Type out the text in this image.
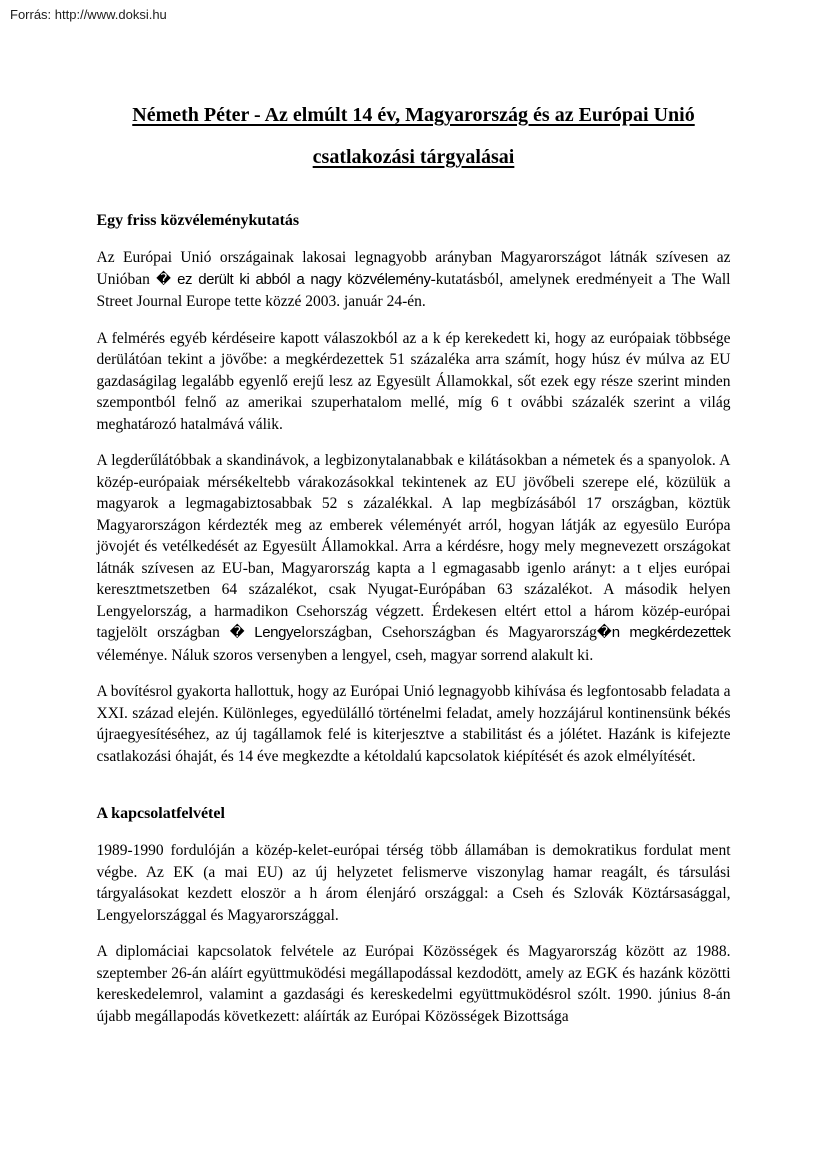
Forrás: http://www.doksi.hu
Németh Péter - Az elmúlt 14 év, Magyarország és az Európai Unió
csatlakozási tárgyalásai
Egy friss közvéleménykutatás

Az Európai Unió országainak lakosai legnagyobb arányban Magyarországot látnák szívesen az Unióban � ez derült ki abból a nagy közvélemény-kutatásból, amelynek eredményeit a The Wall Street Journal Europe tette közzé 2003. január 24-én.

A felmérés egyéb kérdéseire kapott válaszokból az a k ép kerekedett ki, hogy az európaiak többsége derülátóan tekint a jövőbe: a megkérdezettek 51 százaléka arra számít, hogy húsz év múlva az EU gazdaságilag legalább egyenlő erejű lesz az Egyesült Államokkal, sőt ezek egy része szerint minden szempontból felnő az amerikai szuperhatalom mellé, míg 6 t ovábbi százalék szerint a világ meghatározó hatalmává válik.

A legderűlátóbbak a skandinávok, a legbizonytalanabbak e kilátásokban a németek és a spanyolok. A közép-európaiak mérsékeltebb várakozásokkal tekintenek az EU jövőbeli szerepe elé, közülük a magyarok a legmagabiztosabbak 52 s zázalékkal. A lap megbízásából 17 országban, köztük Magyarországon kérdezték meg az emberek véleményét arról, hogyan látják az egyesülo Európa jövojét és vetélkedését az Egyesült Államokkal. Arra a kérdésre, hogy mely megnevezett országokat látnák szívesen az EU-ban, Magyarország kapta a l egmagasabb igenlo arányt: a t eljes európai keresztmetszetben 64 százalékot, csak Nyugat-Európában 63 százalékot. A második helyen Lengyelország, a harmadikon Csehország végzett. Érdekesen eltért ettol a három közép-európai tagjelölt országban � Lengyelországban, Csehországban és Magyarország�n megkérdezettek véleménye. Náluk szoros versenyben a lengyel, cseh, magyar sorrend alakult ki.

A bovítésrol gyakorta hallottuk, hogy az Európai Unió legnagyobb kihívása és legfontosabb feladata a XXI. század elején. Különleges, egyedülálló történelmi feladat, amely hozzájárul kontinensünk békés újraegyesítéséhez, az új tagállamok felé is kiterjesztve a stabilitást és a jólétet. Hazánk is kifejezte csatlakozási óhaját, és 14 éve megkezdte a kétoldalú kapcsolatok kiépítését és azok elmélyítését.

A kapcsolatfelvétel

1989-1990 fordulóján a közép-kelet-európai térség több államában is demokratikus fordulat ment végbe. Az EK (a mai EU) az új helyzetet felismerve viszonylag hamar reagált, és társulási tárgyalásokat kezdett eloször a h árom élenjáró országgal: a Cseh és Szlovák Köztársasággal, Lengyelországgal és Magyarországgal.

A diplomáciai kapcsolatok felvétele az Európai Közösségek és Magyarország között az 1988. szeptember 26-án aláírt együttmuködési megállapodással kezdodött, amely az EGK és hazánk közötti kereskedelemrol, valamint a gazdasági és kereskedelmi együttmuködésrol szólt. 1990. június 8-án újabb megállapodás következett: aláírták az Európai Közösségek Bizottsága
